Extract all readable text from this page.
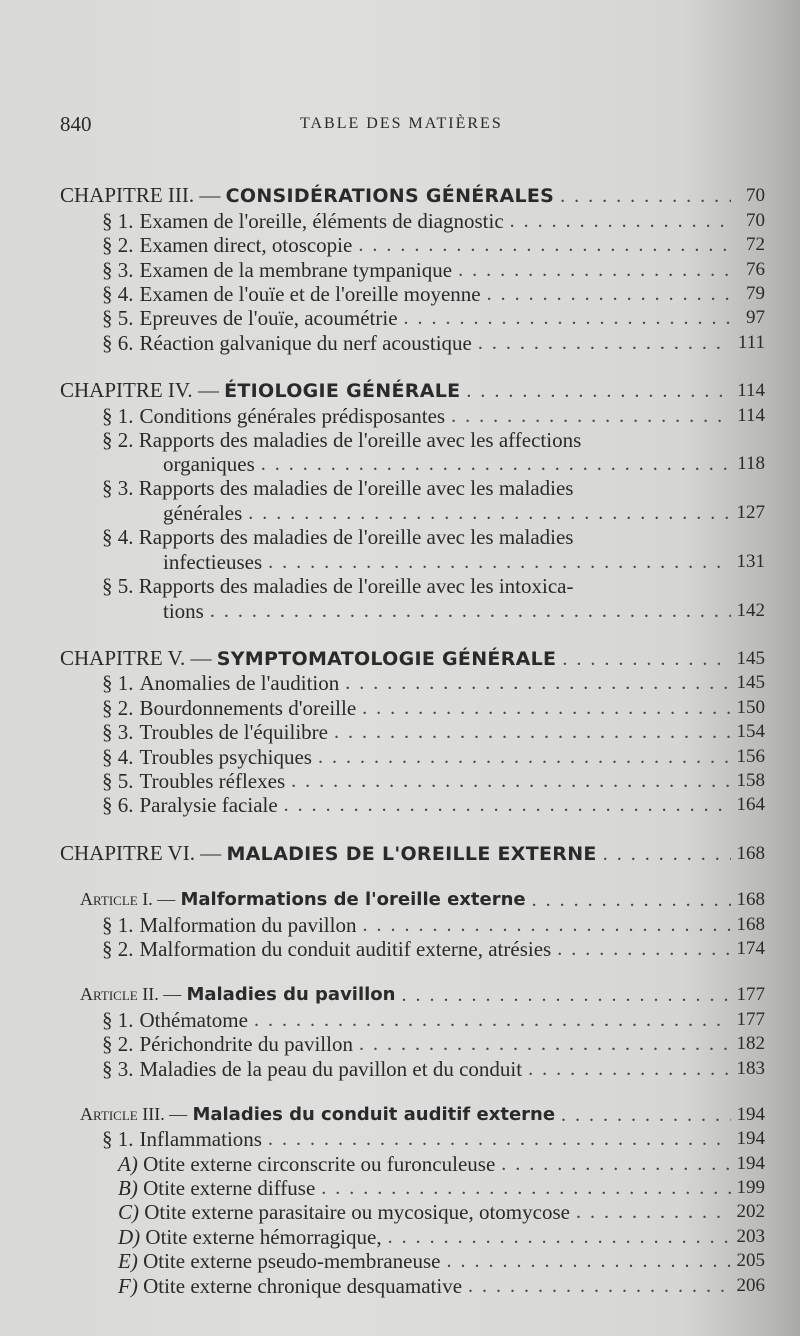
840	TABLE DES MATIÈRES
CHAPITRE III. — CONSIDÉRATIONS GÉNÉRALES . . .	70
§ 1. Examen de l'oreille, éléments de diagnostic . . .	70
§ 2. Examen direct, otoscopie . . .	72
§ 3. Examen de la membrane tympanique . . .	76
§ 4. Examen de l'ouïe et de l'oreille moyenne . . .	79
§ 5. Epreuves de l'ouïe, acoumétrie . . .	97
§ 6. Réaction galvanique du nerf acoustique . . .	111
CHAPITRE IV. — ÉTIOLOGIE GÉNÉRALE . . .	114
§ 1. Conditions générales prédisposantes . . .	114
§ 2. Rapports des maladies de l'oreille avec les affections
organiques . . .	118
§ 3. Rapports des maladies de l'oreille avec les maladies
générales . . .	127
§ 4. Rapports des maladies de l'oreille avec les maladies
infectieuses . . .	131
§ 5. Rapports des maladies de l'oreille avec les intoxica-
tions . . .	142
CHAPITRE V. — SYMPTOMATOLOGIE GÉNÉRALE . . .	145
§ 1. Anomalies de l'audition . . .	145
§ 2. Bourdonnements d'oreille . . .	150
§ 3. Troubles de l'équilibre . . .	154
§ 4. Troubles psychiques . . .	156
§ 5. Troubles réflexes . . .	158
§ 6. Paralysie faciale . . .	164
CHAPITRE VI. — MALADIES DE L'OREILLE EXTERNE . . .	168
Article I. — Malformations de l'oreille externe . . .	168
§ 1. Malformation du pavillon . . .	168
§ 2. Malformation du conduit auditif externe, atrésies . . .	174
Article II. — Maladies du pavillon . . .	177
§ 1. Othématome . . .	177
§ 2. Périchondrite du pavillon . . .	182
§ 3. Maladies de la peau du pavillon et du conduit . . .	183
Article III. — Maladies du conduit auditif externe . . .	194
§ 1. Inflammations . . .	194
A) Otite externe circonscrite ou furonculeuse . . .	194
B) Otite externe diffuse . . .	199
C) Otite externe parasitaire ou mycosique, otomycose . . .	202
D) Otite externe hémorragique, . . .	203
E) Otite externe pseudo-membraneuse . . .	205
F) Otite externe chronique desquamative . . .	206
